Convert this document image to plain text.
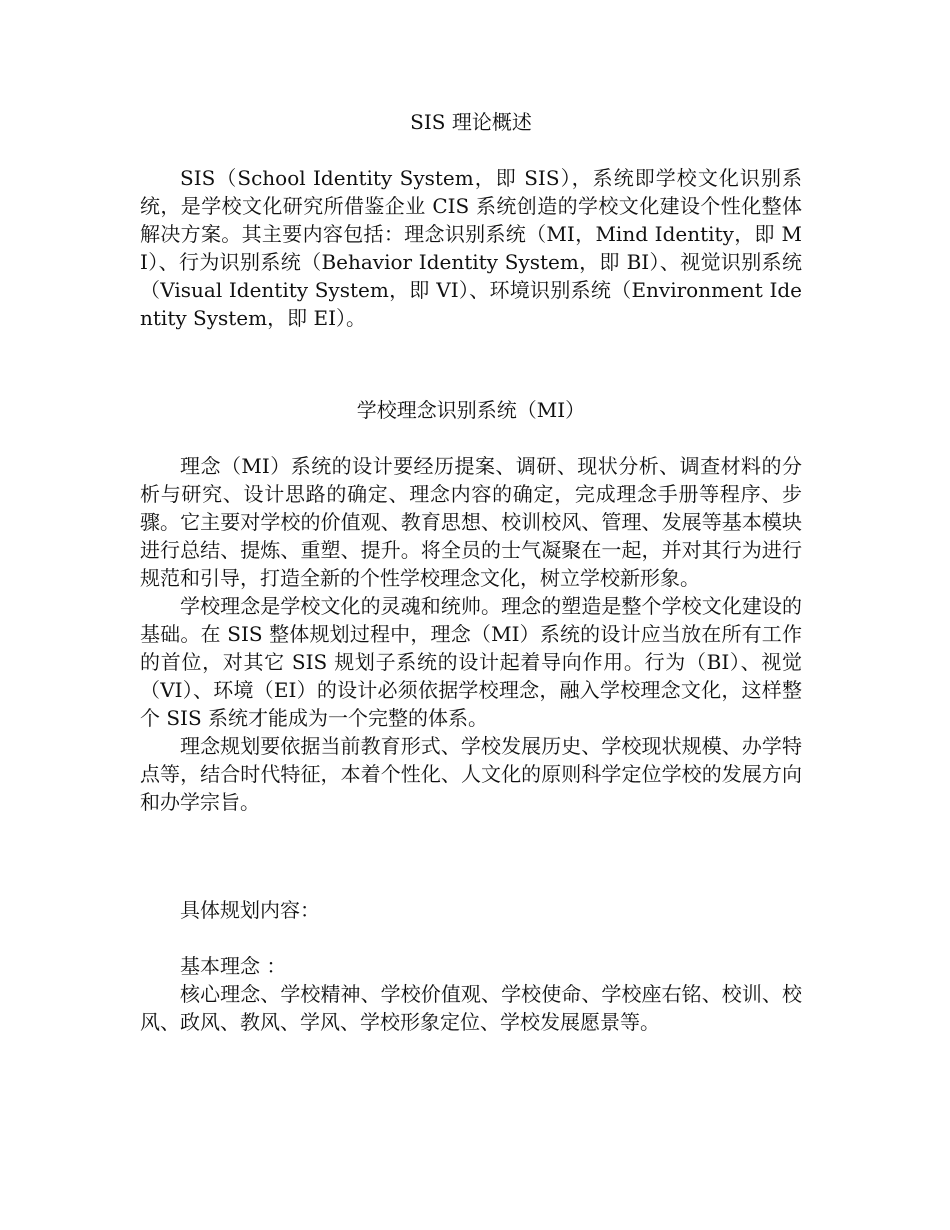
SIS 理论概述

SIS（School Identity System，即 SIS），系统即学校文化识别系统，是学校文化研究所借鉴企业 CIS 系统创造的学校文化建设个性化整体解决方案。其主要内容包括：理念识别系统（MI，Mind Identity，即 MI）、行为识别系统（Behavior Identity System，即 BI）、视觉识别系统（Visual Identity System，即 VI）、环境识别系统（Environment Identity System，即 EI）。

学校理念识别系统（MI）

理念（MI）系统的设计要经历提案、调研、现状分析、调查材料的分析与研究、设计思路的确定、理念内容的确定，完成理念手册等程序、步骤。它主要对学校的价值观、教育思想、校训校风、管理、发展等基本模块进行总结、提炼、重塑、提升。将全员的士气凝聚在一起，并对其行为进行规范和引导，打造全新的个性学校理念文化，树立学校新形象。

学校理念是学校文化的灵魂和统帅。理念的塑造是整个学校文化建设的基础。在 SIS 整体规划过程中，理念（MI）系统的设计应当放在所有工作的首位，对其它 SIS 规划子系统的设计起着导向作用。行为（BI）、视觉（VI）、环境（EI）的设计必须依据学校理念，融入学校理念文化，这样整个 SIS 系统才能成为一个完整的体系。

理念规划要依据当前教育形式、学校发展历史、学校现状规模、办学特点等，结合时代特征，本着个性化、人文化的原则科学定位学校的发展方向和办学宗旨。

具体规划内容：

基本理念 ：

核心理念、学校精神、学校价值观、学校使命、学校座右铭、校训、校风、政风、教风、学风、学校形象定位、学校发展愿景等。
